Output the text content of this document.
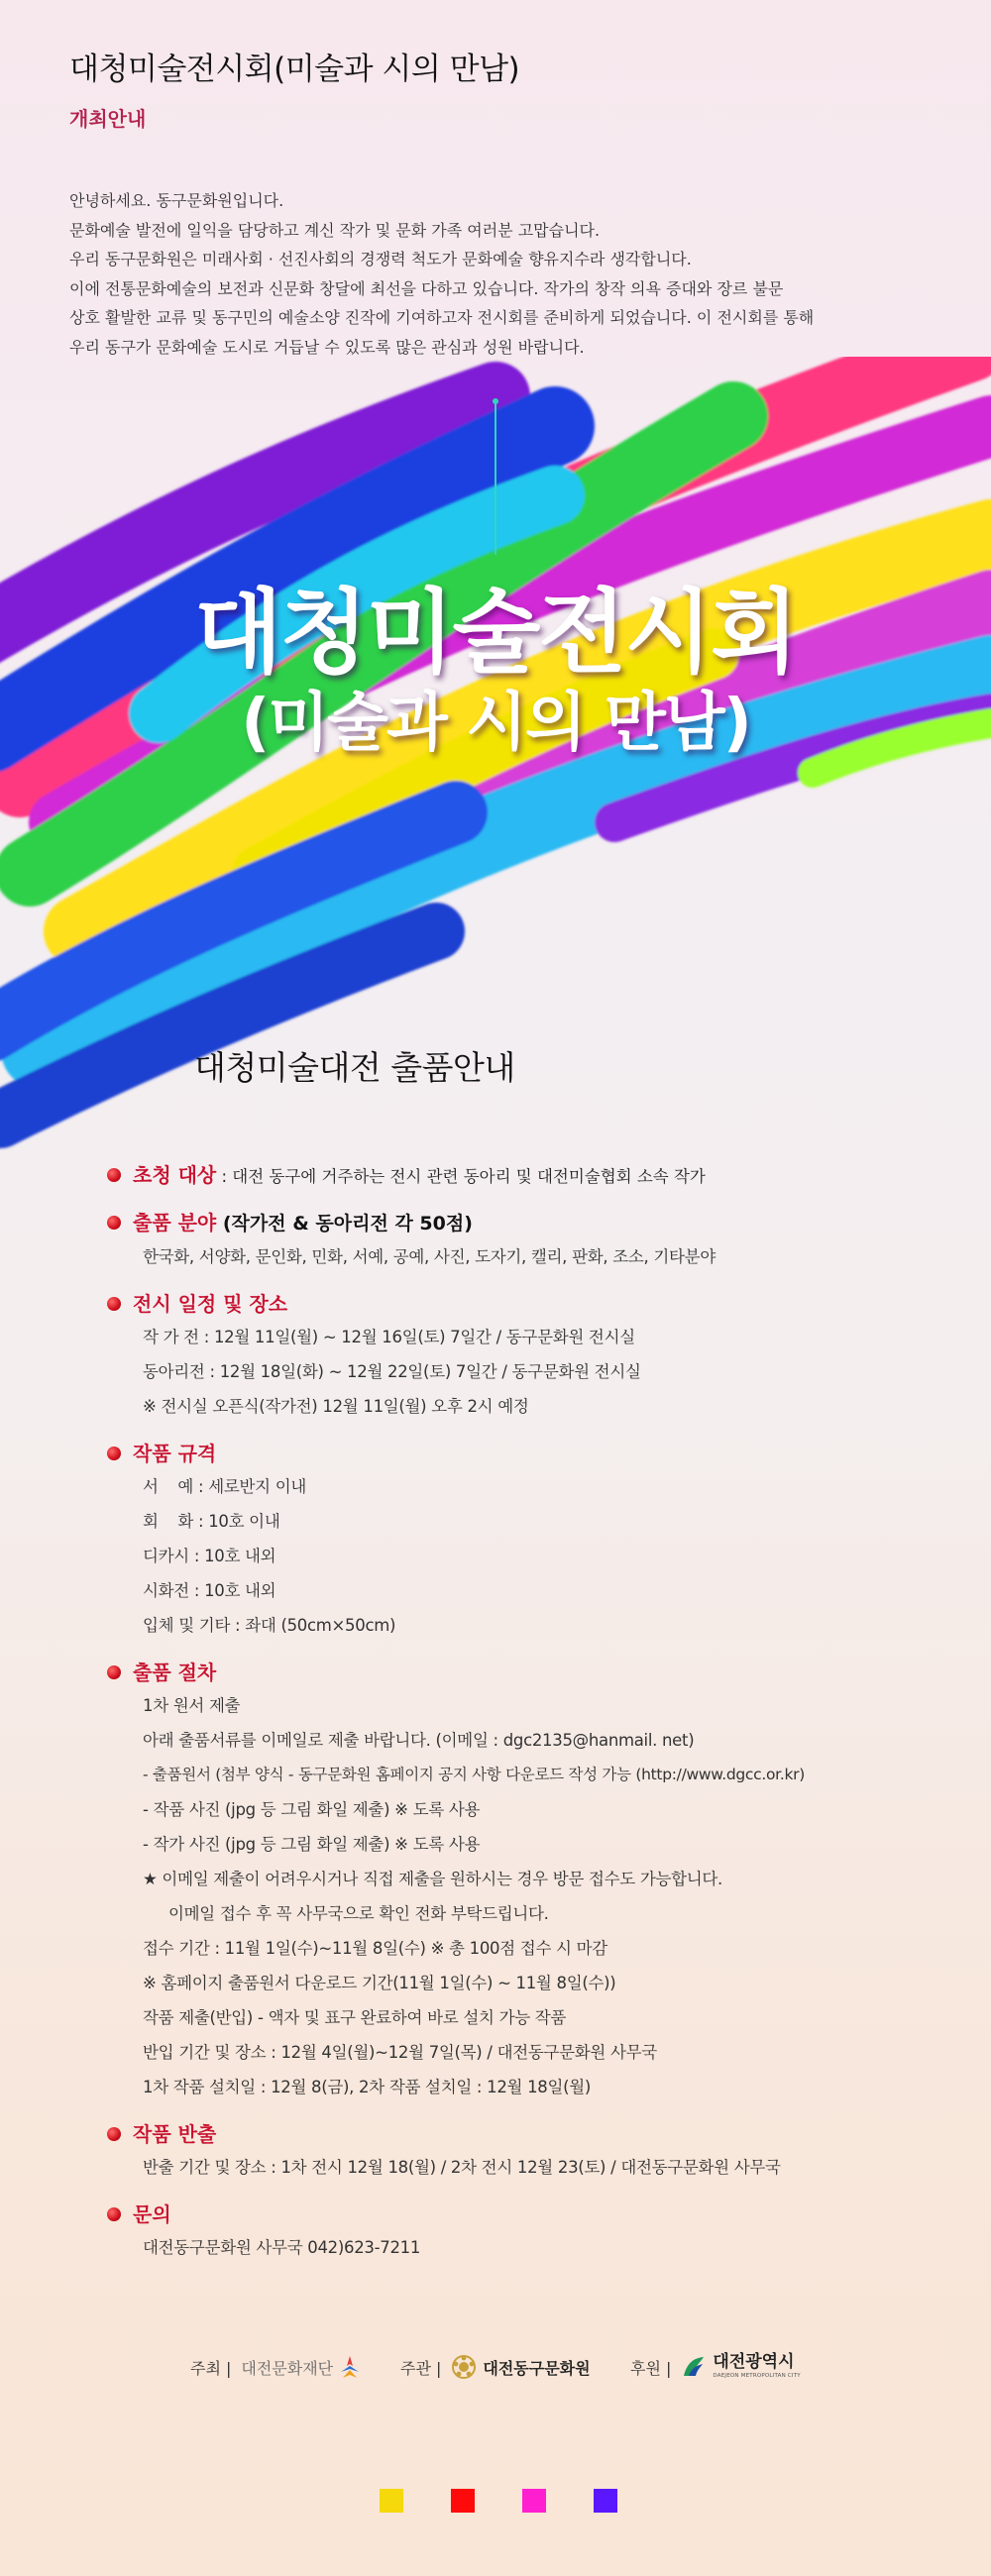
대청미술전시회(미술과 시의 만남)
개최안내

안녕하세요. 동구문화원입니다.

문화예술 발전에 일익을 담당하고 계신 작가 및 문화 가족 여러분 고맙습니다.

우리 동구문화원은 미래사회 · 선진사회의 경쟁력 척도가 문화예술 향유지수라 생각합니다.

이에 전통문화예술의 보전과 신문화 창달에 최선을 다하고 있습니다. 작가의 창작 의욕 증대와 장르 불문

상호 활발한 교류 및 동구민의 예술소양 진작에 기여하고자 전시회를 준비하게 되었습니다. 이 전시회를 통해

우리 동구가 문화예술 도시로 거듭날 수 있도록 많은 관심과 성원 바랍니다.

대청미술전시회
(미술과 시의 만남)
대청미술대전 출품안내
초청 대상 : 대전 동구에 거주하는 전시 관련 동아리 및 대전미술협회 소속 작가
출품 분야 (작가전 & 동아리전 각 50점)
한국화, 서양화, 문인화, 민화, 서예, 공예, 사진, 도자기, 캘리, 판화, 조소, 기타분야
전시 일정 및 장소
작 가 전 : 12월 11일(월) ~ 12월 16일(토) 7일간 / 동구문화원 전시실
동아리전 : 12월 18일(화) ~ 12월 22일(토) 7일간 / 동구문화원 전시실
※ 전시실 오픈식(작가전) 12월 11일(월) 오후 2시 예정
작품 규격
서    예 : 세로반지 이내
회    화 : 10호 이내
디카시 : 10호 내외
시화전 : 10호 내외
입체 및 기타 : 좌대 (50cm×50cm)
출품 절차
1차 원서 제출
아래 출품서류를 이메일로 제출 바랍니다. (이메일 : dgc2135@hanmail. net)
- 출품원서 (첨부 양식 - 동구문화원 홈페이지 공지 사항 다운로드 작성 가능 (http://www.dgcc.or.kr)
- 작품 사진 (jpg 등 그림 화일 제출) ※ 도록 사용
- 작가 사진 (jpg 등 그림 화일 제출) ※ 도록 사용
★ 이메일 제출이 어려우시거나 직접 제출을 원하시는 경우 방문 접수도 가능합니다.
이메일 접수 후 꼭 사무국으로 확인 전화 부탁드립니다.
접수 기간 : 11월 1일(수)~11월 8일(수) ※ 총 100점 접수 시 마감
※ 홈페이지 출품원서 다운로드 기간(11월 1일(수) ~ 11월 8일(수))
작품 제출(반입) - 액자 및 표구 완료하여 바로 설치 가능 작품
반입 기간 및 장소 : 12월 4일(월)~12월 7일(목) / 대전동구문화원 사무국
1차 작품 설치일 : 12월 8(금), 2차 작품 설치일 : 12월 18일(월)
작품 반출
반출 기간 및 장소 : 1차 전시 12월 18(월) / 2차 전시 12월 23(토) / 대전동구문화원 사무국
문의
대전동구문화원 사무국 042)623-7211
주최 | 대전문화재단	주관 |	대전동구문화원	후원 | 대전광역시
DAEJEON METROPOLITAN CITY
